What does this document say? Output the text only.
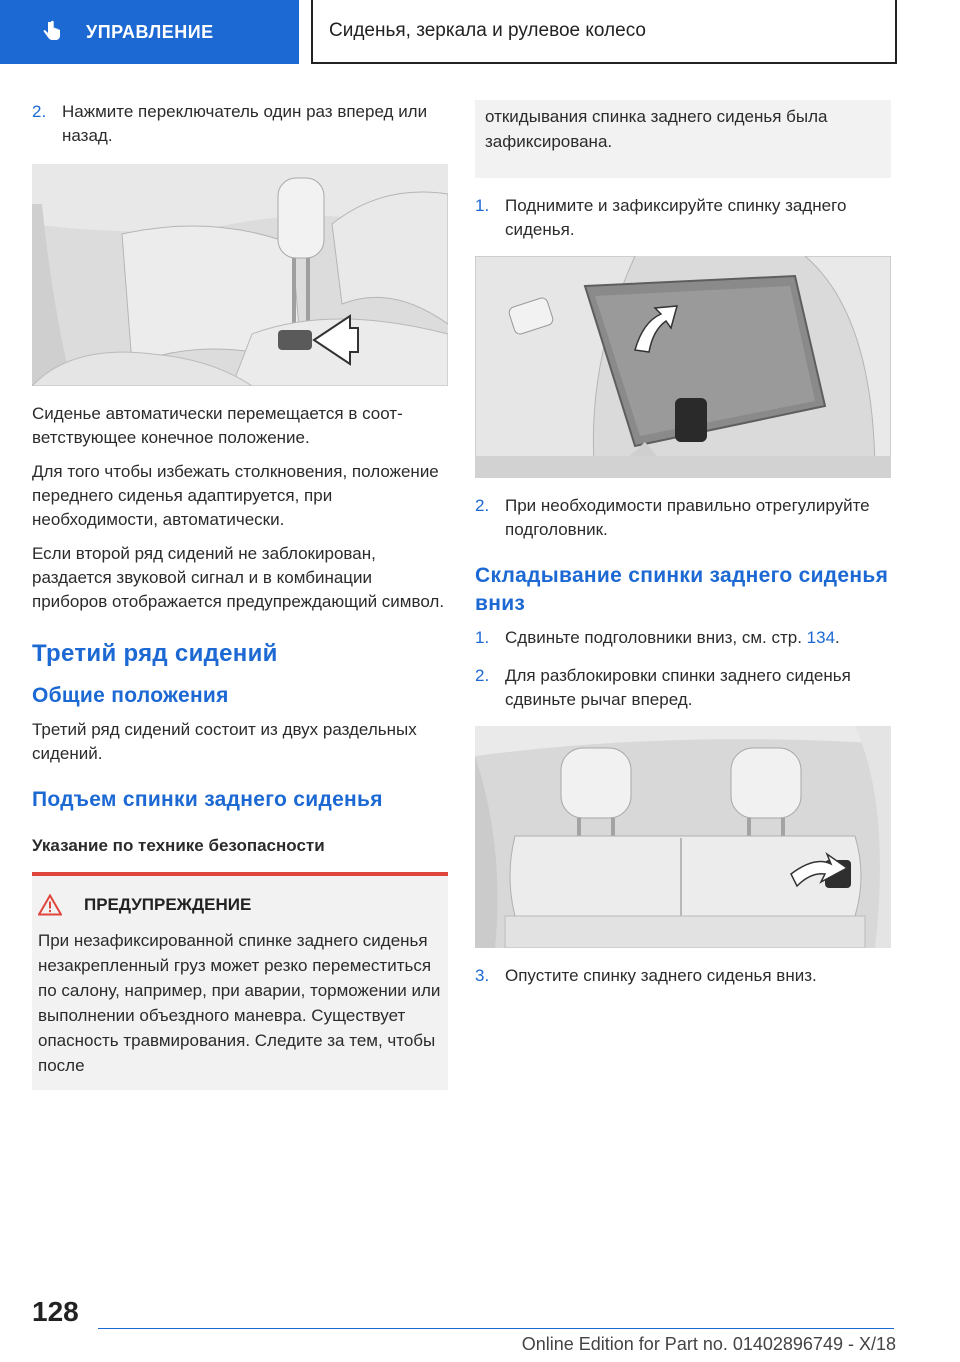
УПРАВЛЕНИЕ	Сиденья, зеркала и рулевое колесо
2. Нажмите переключатель один раз вперед или назад.

Сиденье автоматически перемещается в соответствующее конечное положение.

Для того чтобы избежать столкновения, положение переднего сиденья адаптируется, при необходимости, автоматически.

Если второй ряд сидений не заблокирован, раздается звуковой сигнал и в комбинации приборов отображается предупреждающий символ.

Третий ряд сидений
Общие положения

Третий ряд сидений состоит из двух раздельных сидений.

Подъем спинки заднего сиденья
Указание по технике безопасности
ПРЕДУПРЕЖДЕНИЕ

При незафиксированной спинке заднего сиденья незакрепленный груз может резко переместиться по салону, например, при аварии, торможении или выполнении объездного маневра. Существует опасность травмирования. Следите за тем, чтобы после

откидывания спинка заднего сиденья была зафиксирована.
1. Поднимите и зафиксируйте спинку заднего сиденья.
2. При необходимости правильно отрегулируйте подголовник.
Складывание спинки заднего сиденья вниз
1. Сдвиньте подголовники вниз, см. стр. 134.
2. Для разблокировки спинки заднего сиденья сдвиньте рычаг вперед.
3. Опустите спинку заднего сиденья вниз.
128
Online Edition for Part no. 01402896749 - X/18
